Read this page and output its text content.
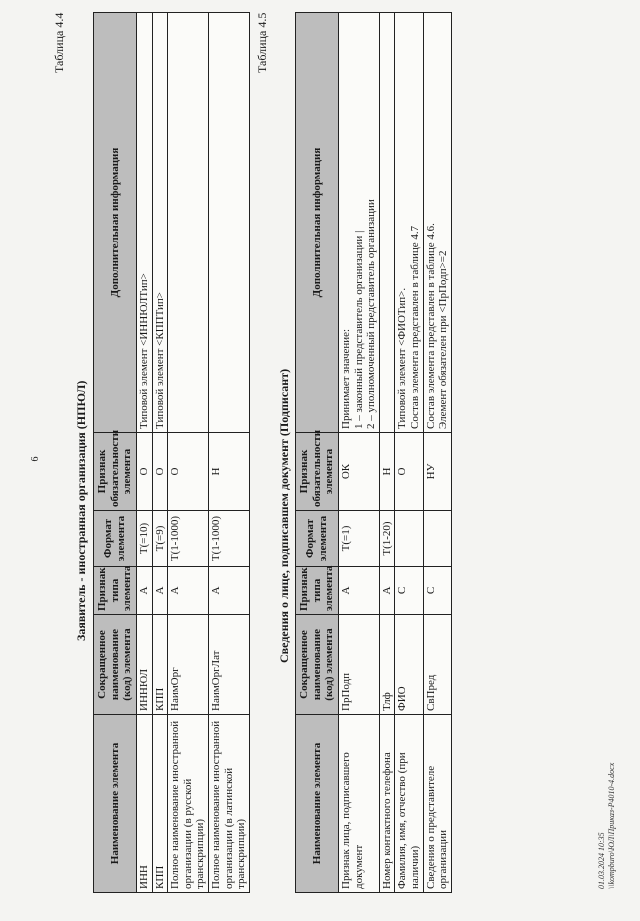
6
Таблица 4.4
Заявитель - иностранная организация (НПЮЛ)
Наименование элемента	Сокращенное наименование (код) элемента	Признак типа элемента	Формат элемента	Признак обязательности элемента	Дополнительная информация

ИНН	ИННЮЛ	А	T(=10)	О	Типовой элемент <ИННЮЛТип>

КПП	КПП	А	T(=9)	О	Типовой элемент <КППТип>

Полное наименование иностранной организации (в русской транскрипции)	НаимОрг	А	T(1-1000)	О	

Полное наименование иностранной организации (в латинской транскрипции)	НаимОргЛат	А	T(1-1000)	Н	

Таблица 4.5
Сведения о лице, подписавшем документ (Подписант)
Наименование элемента	Сокращенное наименование (код) элемента	Признак типа элемента	Формат элемента	Признак обязательности элемента	Дополнительная информация

Признак лица, подписавшего документ	ПрПодп	А	T(=1)	ОК	Принимает значение: 1 – законный представитель организации | 2 – уполномоченный представитель организации

Номер контактного телефона	Тлф	А	T(1-20)	Н	

Фамилия, имя, отчество (при наличии)	ФИО	С		О	Типовой элемент <ФИОТип>. Состав элемента представлен в таблице 4.7

Сведения о представителе организации	СвПред	С		НУ	Состав элемента представлен в таблице 4.6. Элемент обязателен при <ПрПодп>=2
01.03.2024 10:35 \\kompburo\ЮЛ\Приказ-Р4010-4.docx
